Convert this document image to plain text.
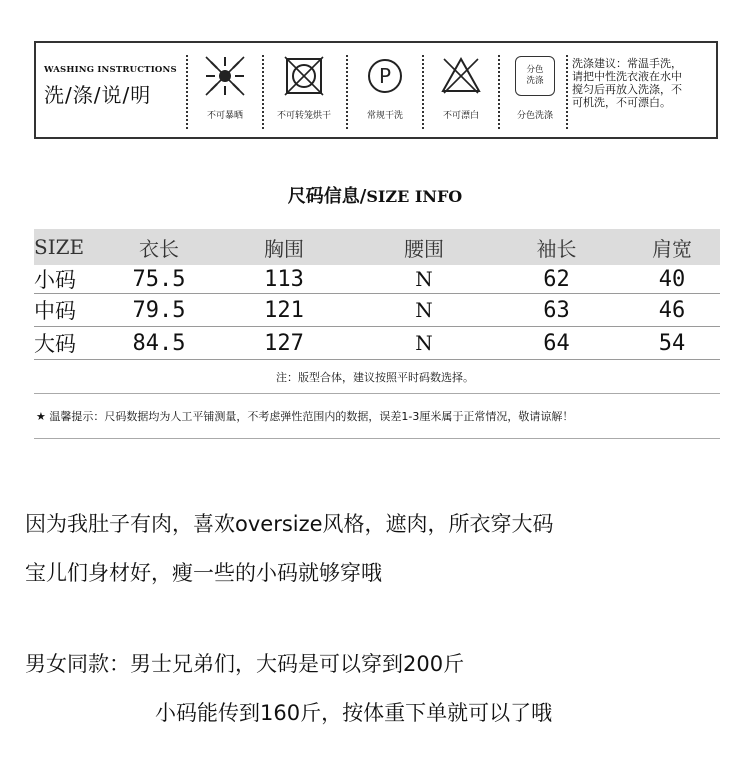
WASHING INSTRUCTIONS
洗/涤/说/明
不可暴晒	不可转笼烘干
P
常规干洗	不可漂白
分色
洗涤
分色洗涤
洗涤建议：常温手洗，
请把中性洗衣液在水中
搅匀后再放入洗涤，不
可机洗，不可漂白。
尺码信息/SIZE INFO
SIZE	衣长	胸围	腰围	袖长	肩宽
小码	75.5	113	N	62	40
中码	79.5	121	N	63	46
大码	84.5	127	N	64	54
注：版型合体，建议按照平时码数选择。
★ 温馨提示：尺码数据均为人工平铺测量，不考虑弹性范围内的数据，误差1-3厘米属于正常情况，敬请谅解！
因为我肚子有肉，喜欢oversize风格，遮肉，所衣穿大码
宝儿们身材好，瘦一些的小码就够穿哦
男女同款：男士兄弟们，大码是可以穿到200斤
小码能传到160斤，按体重下单就可以了哦
